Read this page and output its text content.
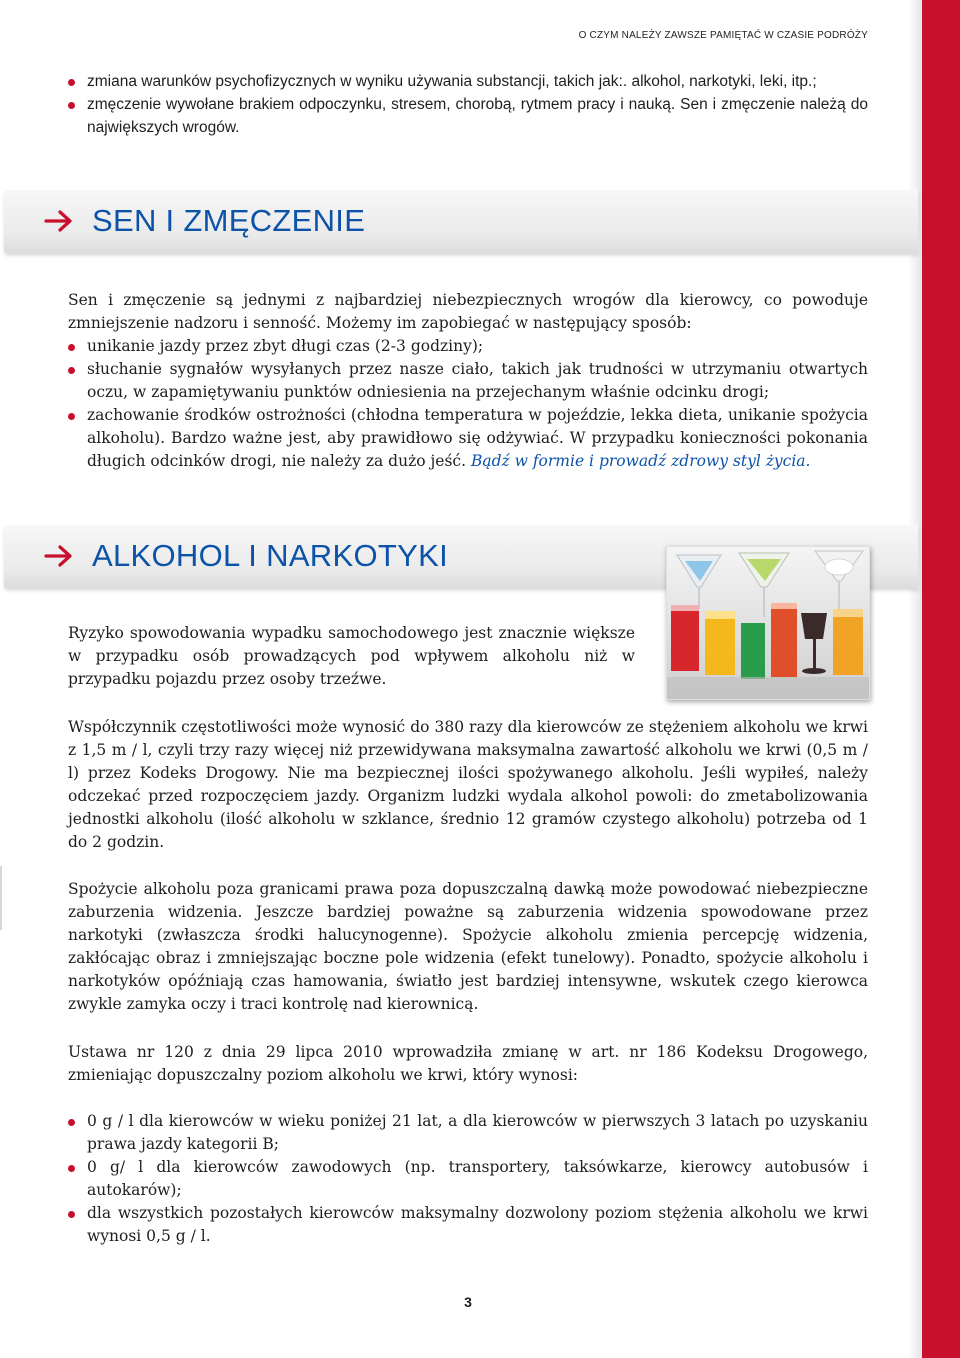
O CZYM NALEŻY ZAWSZE PAMIĘTAĆ W CZASIE PODRÓŻY
zmiana warunków psychofizycznych w wyniku używania substancji, takich jak:. alkohol, narkotyki, leki, itp.;
zmęczenie wywołane brakiem odpoczynku, stresem, chorobą, rytmem pracy i nauką. Sen i zmęczenie należą do największych wrogów.
SEN I ZMĘCZENIE

Sen i zmęczenie są jednymi z najbardziej niebezpiecznych wrogów dla kierowcy, co powoduje zmniejszenie nadzoru i senność. Możemy im zapobiegać w następujący sposób:

unikanie jazdy przez zbyt długi czas (2-3 godziny);
słuchanie sygnałów wysyłanych przez nasze ciało, takich jak trudności w utrzymaniu otwartych oczu, w zapamiętywaniu punktów odniesienia na przejechanym właśnie odcinku drogi;
zachowanie środków ostrożności (chłodna temperatura w pojeździe, lekka dieta, unikanie spożycia alkoholu). Bardzo ważne jest, aby prawidłowo się odżywiać. W przypadku konieczności pokonania długich odcinków drogi, nie należy za dużo jeść. Bądź w formie i prowadź zdrowy styl życia.
ALKOHOL I NARKOTYKI

Ryzyko spowodowania wypadku samochodowego jest znacznie większe w przypadku osób prowadzących pod wpływem alkoholu niż w przypadku pojazdu przez osoby trzeźwe.

Współczynnik częstotliwości może wynosić do 380 razy dla kierowców ze stężeniem alkoholu we krwi z 1,5 m / l, czyli trzy razy więcej niż przewidywana maksymalna zawartość alkoholu we krwi (0,5 m / l) przez Kodeks Drogowy. Nie ma bezpiecznej ilości spożywanego alkoholu. Jeśli wypiłeś, należy odczekać przed rozpoczęciem jazdy. Organizm ludzki wydala alkohol powoli: do zmetabolizowania jednostki alkoholu (ilość alkoholu w szklance, średnio 12 gramów czystego alkoholu) potrzeba od 1 do 2 godzin.

Spożycie alkoholu poza granicami prawa poza dopuszczalną dawką może powodować niebezpieczne zaburzenia widzenia. Jeszcze bardziej poważne są zaburzenia widzenia spowodowane przez narkotyki (zwłaszcza środki halucynogenne). Spożycie alkoholu zmienia percepcję widzenia, zakłócając obraz i zmniejszając boczne pole widzenia (efekt tunelowy). Ponadto, spożycie alkoholu i narkotyków opóźniają czas hamowania, światło jest bardziej intensywne, wskutek czego kierowca zwykle zamyka oczy i traci kontrolę nad kierownicą.

Ustawa nr 120 z dnia 29 lipca 2010 wprowadziła zmianę w art. nr 186 Kodeksu Drogowego, zmieniając dopuszczalny poziom alkoholu we krwi, który wynosi:

0 g / l dla kierowców w wieku poniżej 21 lat, a dla kierowców w pierwszych 3 latach po uzyskaniu prawa jazdy kategorii B;
0 g/ l dla kierowców zawodowych (np. transportery, taksówkarze, kierowcy autobusów i autokarów);
dla wszystkich pozostałych kierowców maksymalny dozwolony poziom stężenia alkoholu we krwi wynosi 0,5 g / l.
3
